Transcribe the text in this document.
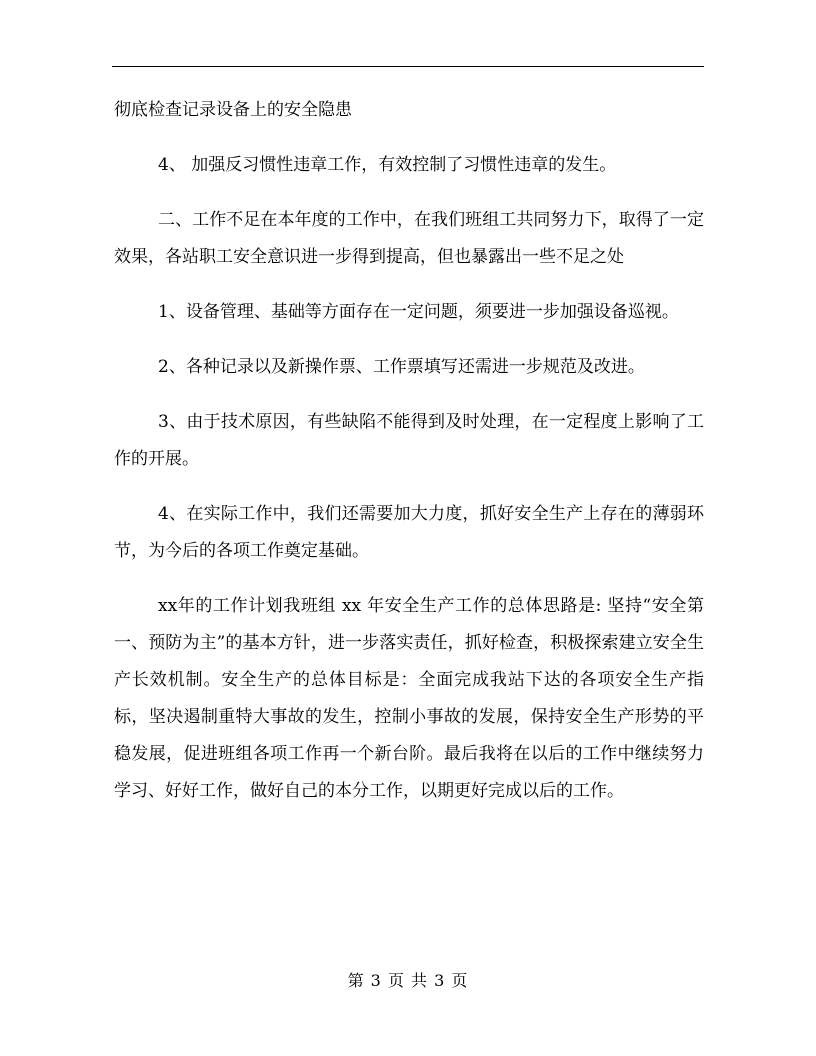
彻底检查记录设备上的安全隐患

4、 加强反习惯性违章工作，有效控制了习惯性违章的发生。

二、工作不足在本年度的工作中，在我们班组工共同努力下，取得了一定效果，各站职工安全意识进一步得到提高，但也暴露出一些不足之处

1、设备管理、基础等方面存在一定问题，须要进一步加强设备巡视。

2、各种记录以及新操作票、工作票填写还需进一步规范及改进。

3、由于技术原因，有些缺陷不能得到及时处理，在一定程度上影响了工作的开展。

4、在实际工作中，我们还需要加大力度，抓好安全生产上存在的薄弱环节，为今后的各项工作奠定基础。

xx年的工作计划我班组 xx 年安全生产工作的总体思路是: 坚持“安全第一、预防为主”的基本方针，进一步落实责任，抓好检查，积极探索建立安全生产长效机制。安全生产的总体目标是：全面完成我站下达的各项安全生产指标，坚决遏制重特大事故的发生，控制小事故的发展，保持安全生产形势的平稳发展，促进班组各项工作再一个新台阶。最后我将在以后的工作中继续努力学习、好好工作，做好自己的本分工作，以期更好完成以后的工作。

第 3 页 共 3 页
